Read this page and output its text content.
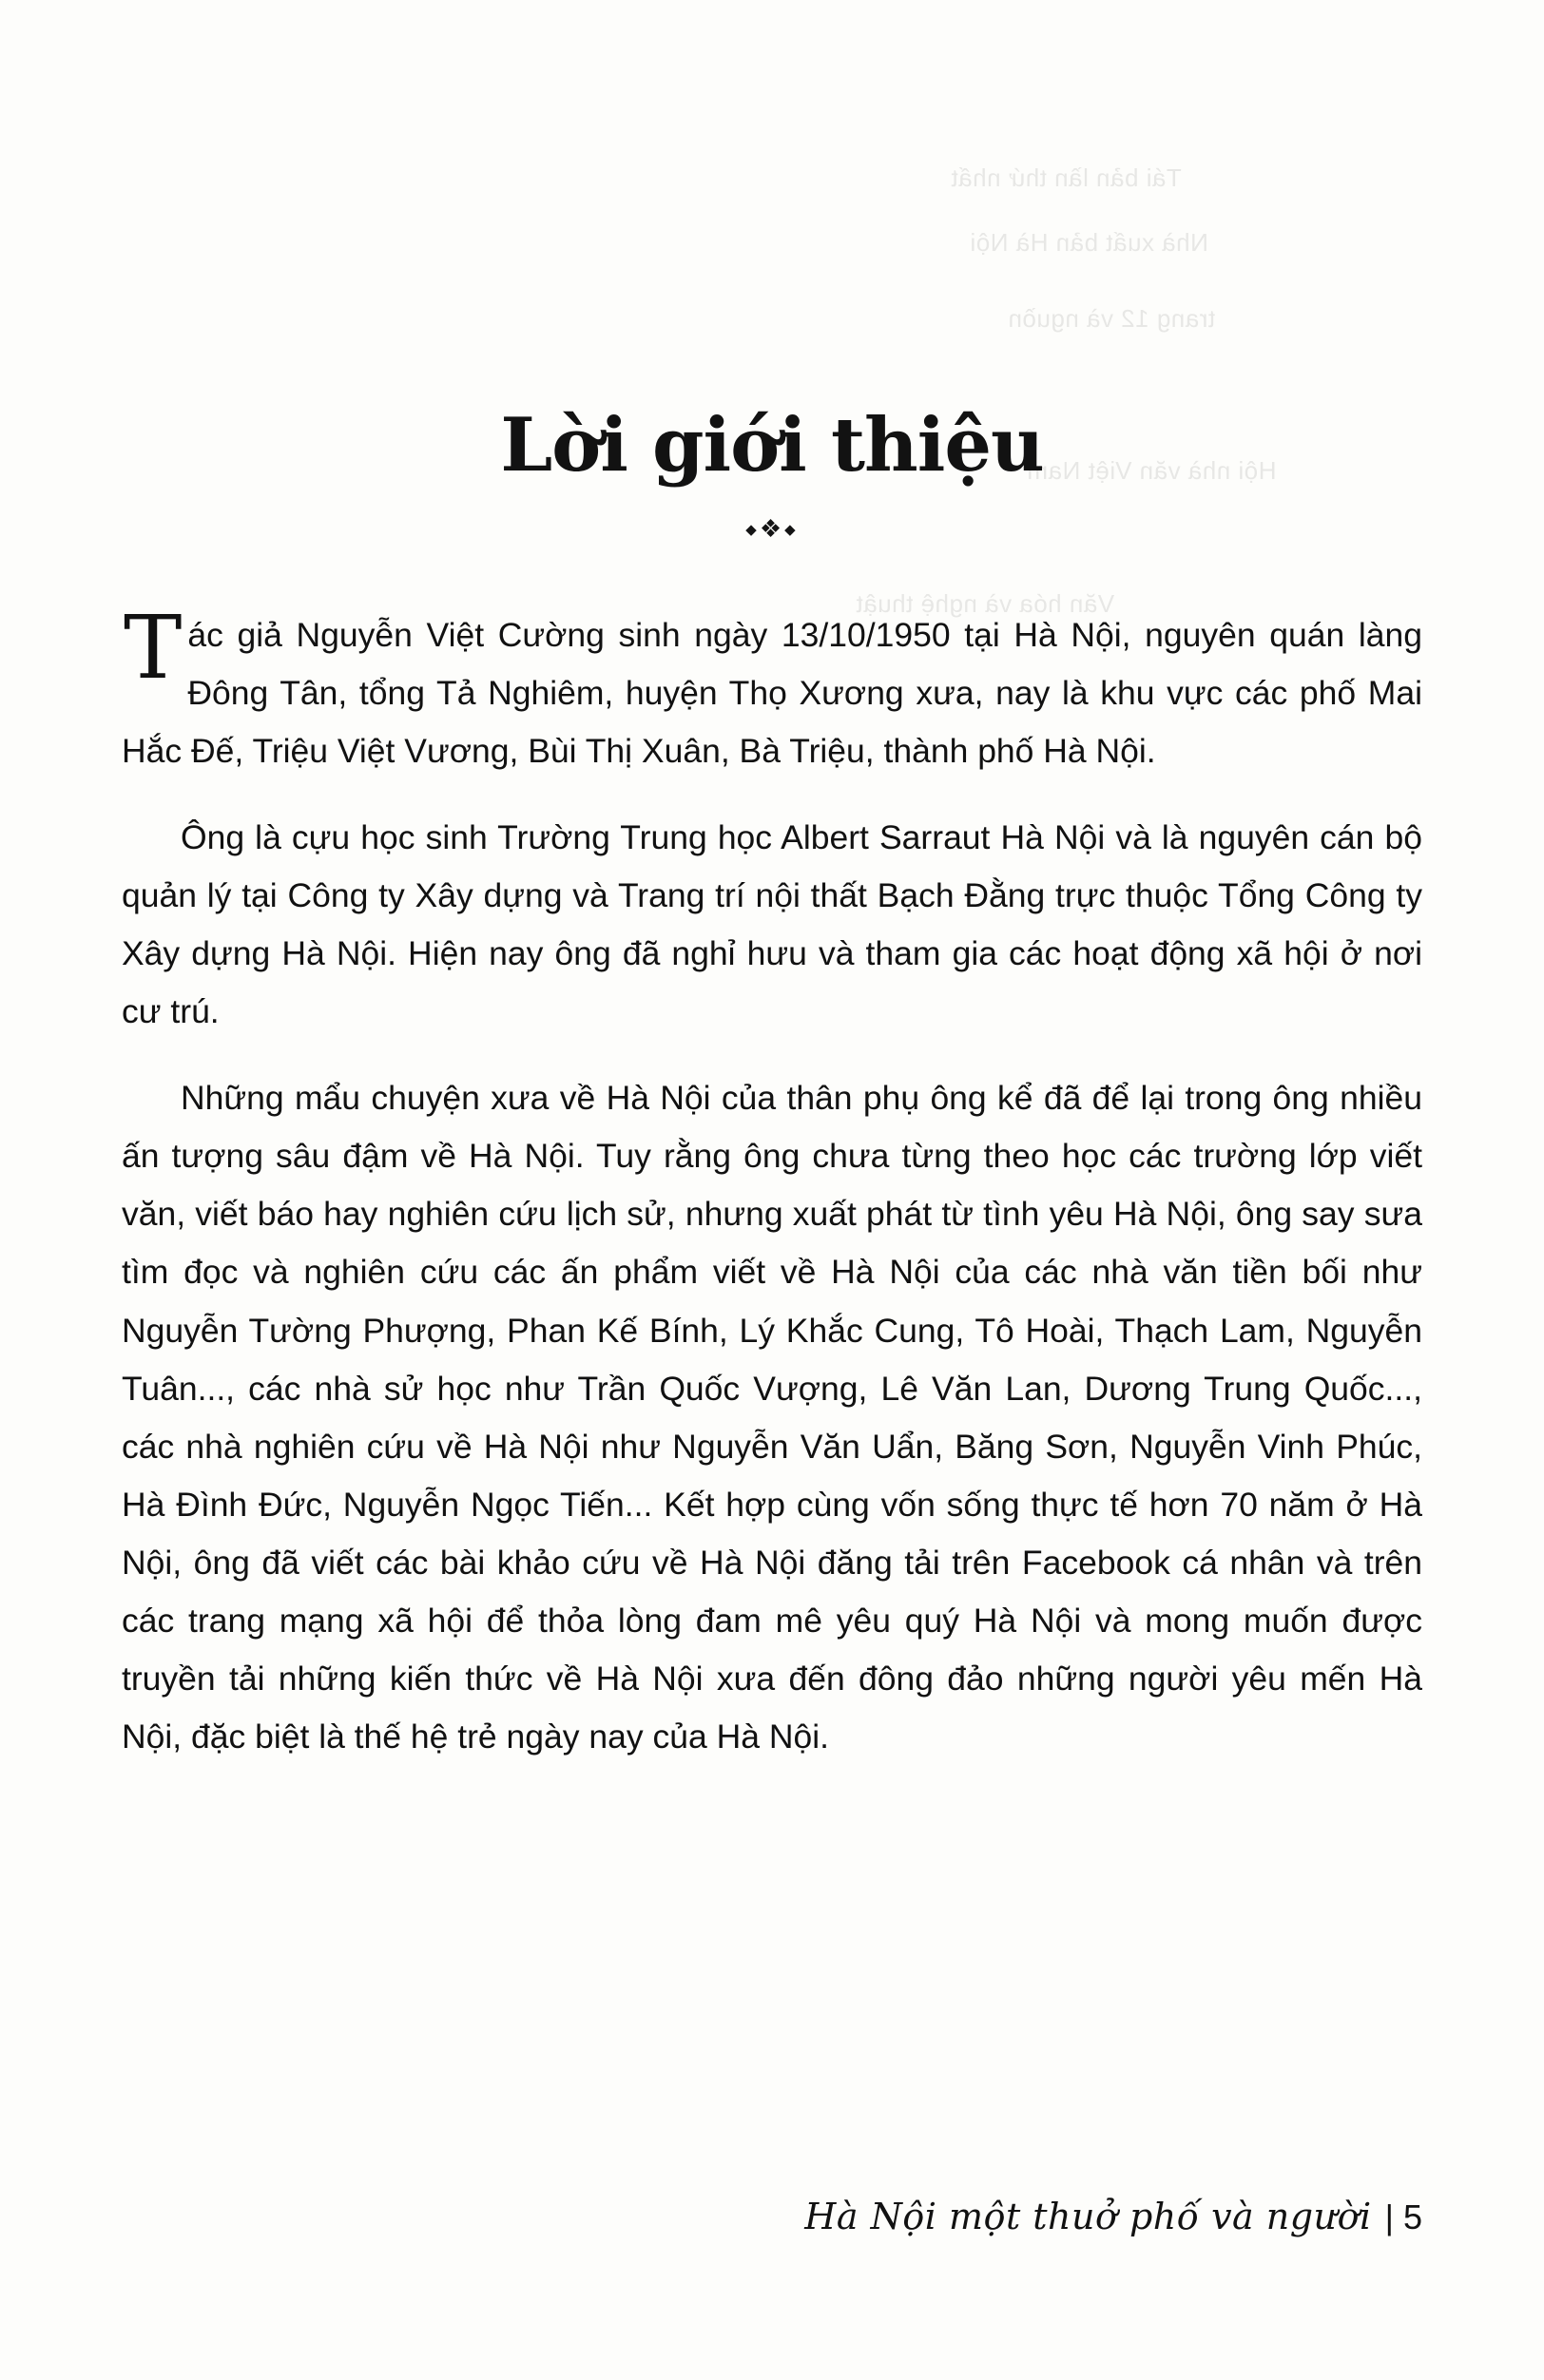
Tái bản lần thứ nhất
Nhà xuất bản Hà Nội
trang 12 và nguồn
Hội nhà văn Việt Nam
Văn hóa và nghệ thuật
Lời giới thiệu
◆❖◆

Tác giả Nguyễn Việt Cường sinh ngày 13/10/1950 tại Hà Nội, nguyên quán làng Đông Tân, tổng Tả Nghiêm, huyện Thọ Xương xưa, nay là khu vực các phố Mai Hắc Đế, Triệu Việt Vương, Bùi Thị Xuân, Bà Triệu, thành phố Hà Nội.

Ông là cựu học sinh Trường Trung học Albert Sarraut Hà Nội và là nguyên cán bộ quản lý tại Công ty Xây dựng và Trang trí nội thất Bạch Đằng trực thuộc Tổng Công ty Xây dựng Hà Nội. Hiện nay ông đã nghỉ hưu và tham gia các hoạt động xã hội ở nơi cư trú.

Những mẩu chuyện xưa về Hà Nội của thân phụ ông kể đã để lại trong ông nhiều ấn tượng sâu đậm về Hà Nội. Tuy rằng ông chưa từng theo học các trường lớp viết văn, viết báo hay nghiên cứu lịch sử, nhưng xuất phát từ tình yêu Hà Nội, ông say sưa tìm đọc và nghiên cứu các ấn phẩm viết về Hà Nội của các nhà văn tiền bối như Nguyễn Tường Phượng, Phan Kế Bính, Lý Khắc Cung, Tô Hoài, Thạch Lam, Nguyễn Tuân..., các nhà sử học như Trần Quốc Vượng, Lê Văn Lan, Dương Trung Quốc..., các nhà nghiên cứu về Hà Nội như Nguyễn Văn Uẩn, Băng Sơn, Nguyễn Vinh Phúc, Hà Đình Đức, Nguyễn Ngọc Tiến... Kết hợp cùng vốn sống thực tế hơn 70 năm ở Hà Nội, ông đã viết các bài khảo cứu về Hà Nội đăng tải trên Facebook cá nhân và trên các trang mạng xã hội để thỏa lòng đam mê yêu quý Hà Nội và mong muốn được truyền tải những kiến thức về Hà Nội xưa đến đông đảo những người yêu mến Hà Nội, đặc biệt là thế hệ trẻ ngày nay của Hà Nội.

Hà Nội một thuở phố và người | 5
